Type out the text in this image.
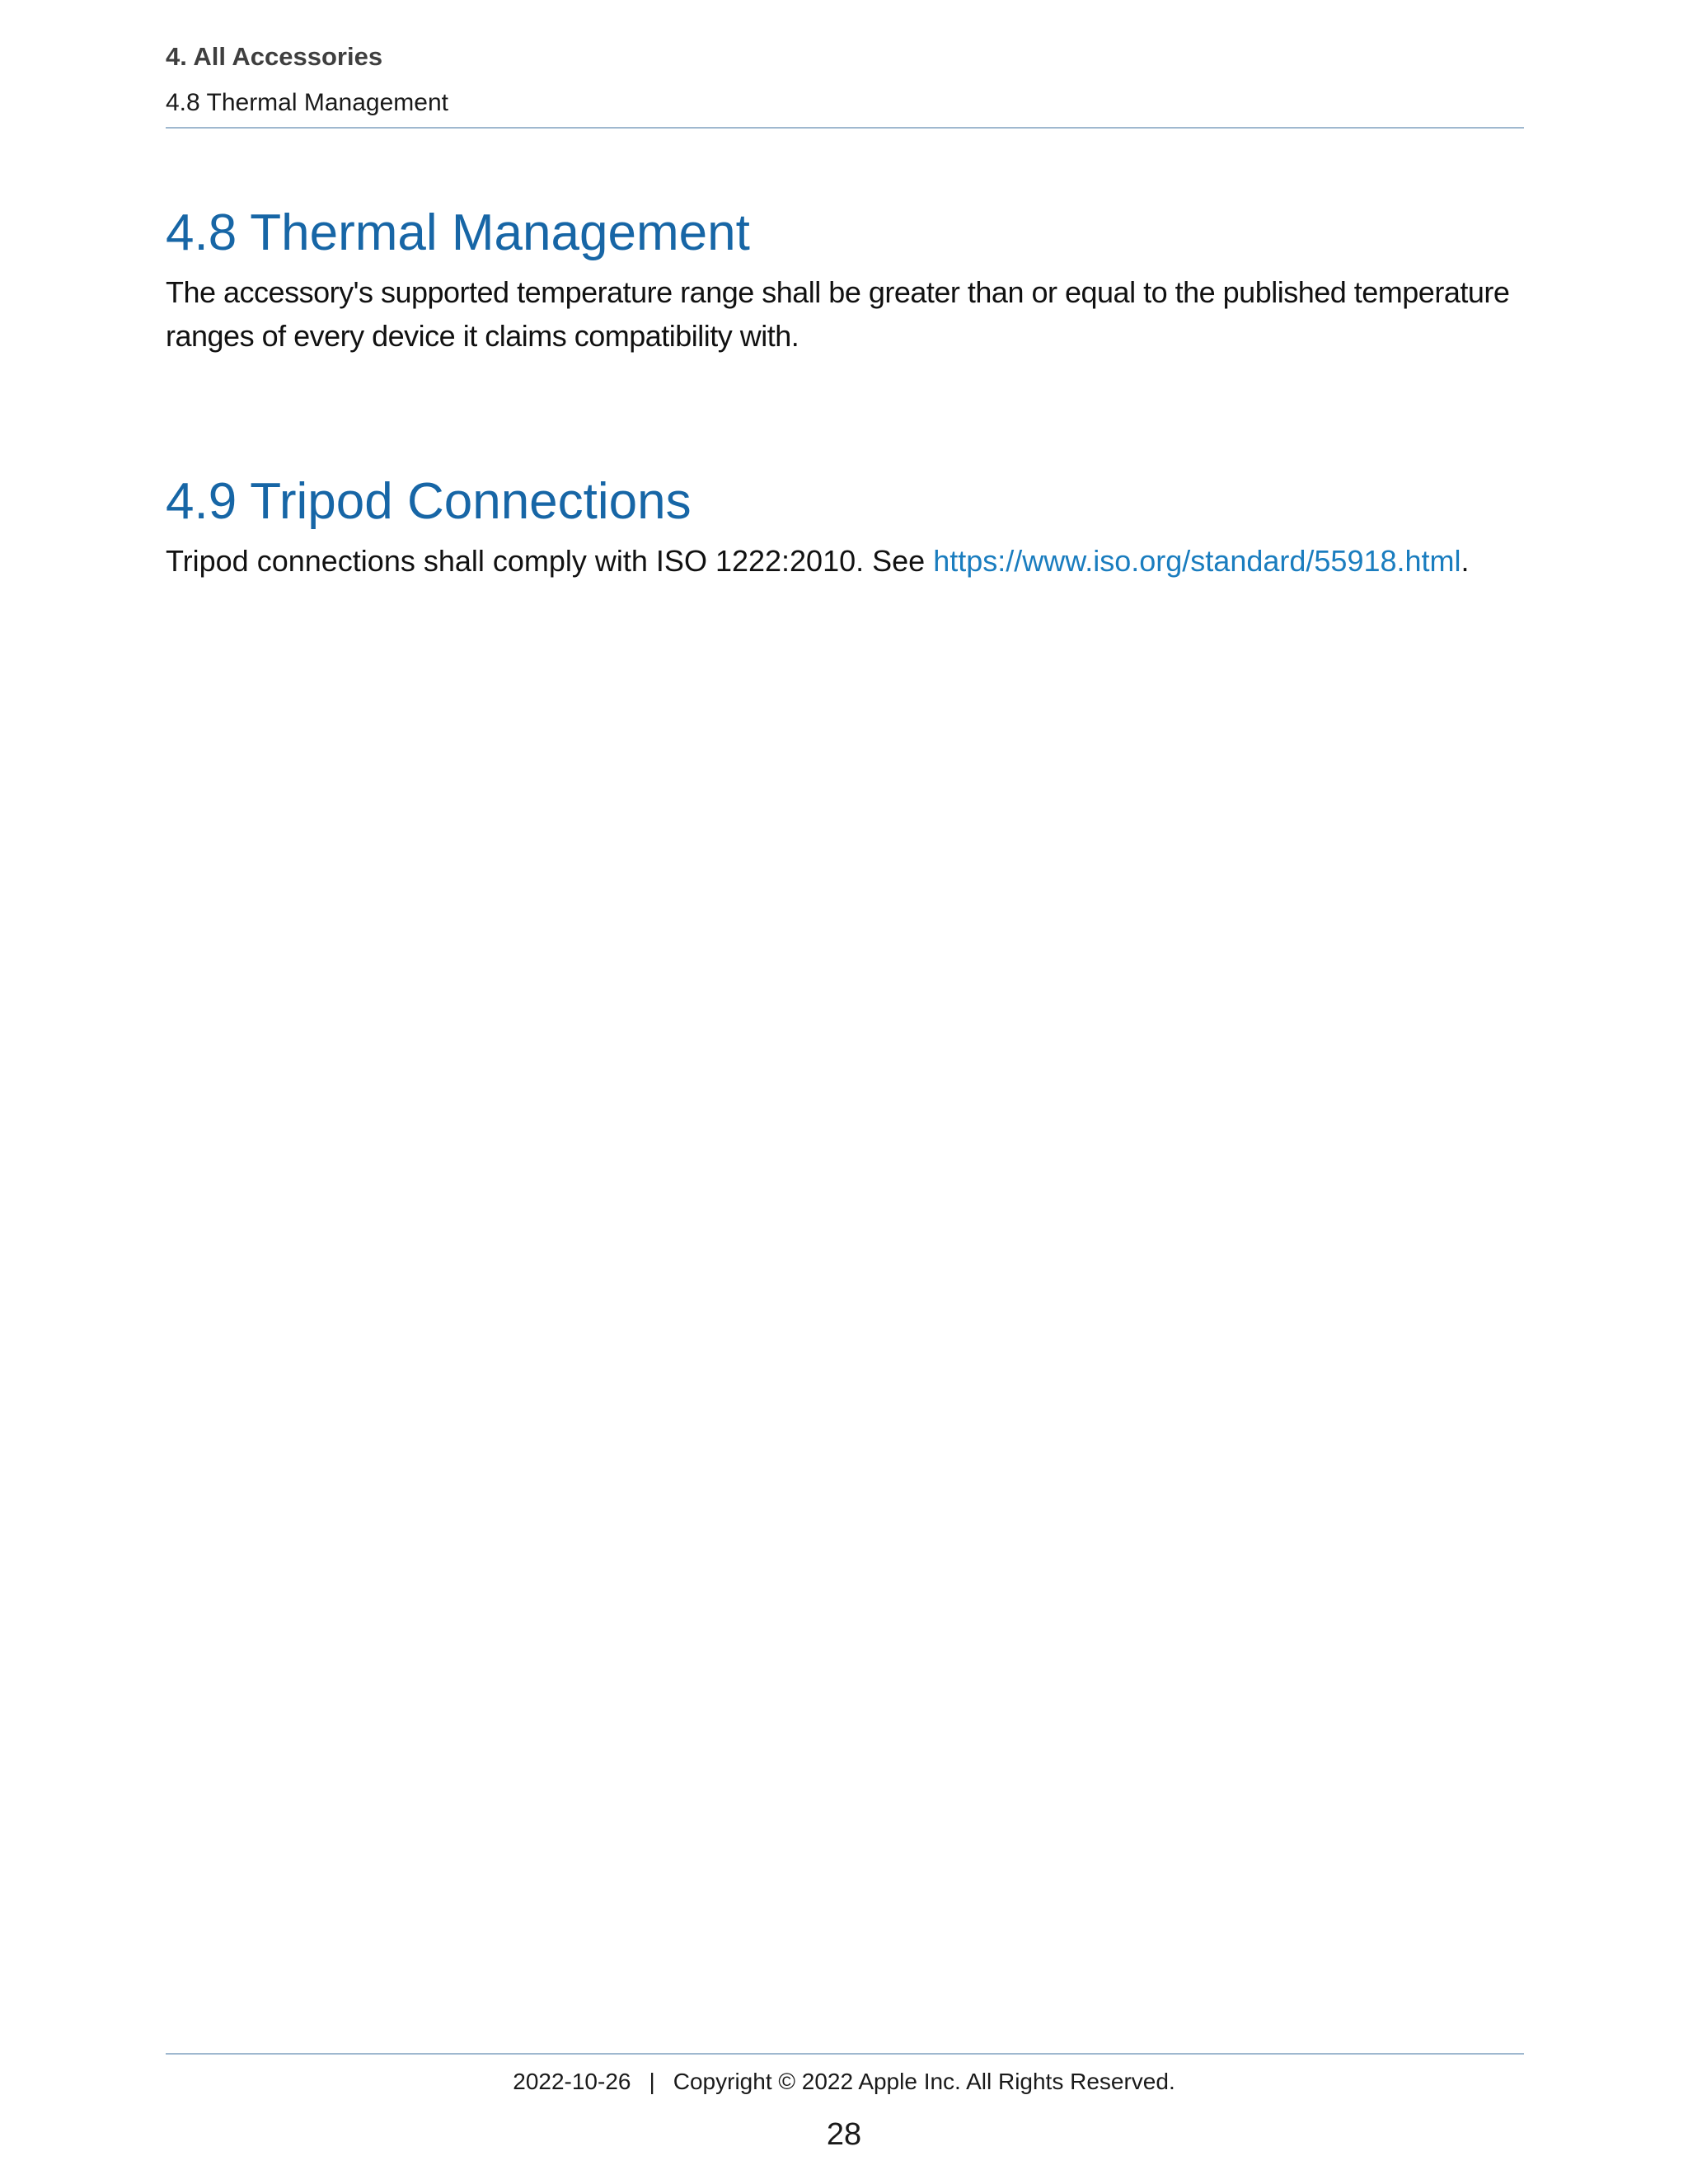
4. All Accessories
4.8 Thermal Management
4.8 Thermal Management

The accessory's supported temperature range shall be greater than or equal to the published temperature ranges of every device it claims compatibility with.

4.9 Tripod Connections

Tripod connections shall comply with ISO 1222:2010. See https://www.iso.org/standard/55918.html.

2022-10-26 | Copyright © 2022 Apple Inc. All Rights Reserved.
28
